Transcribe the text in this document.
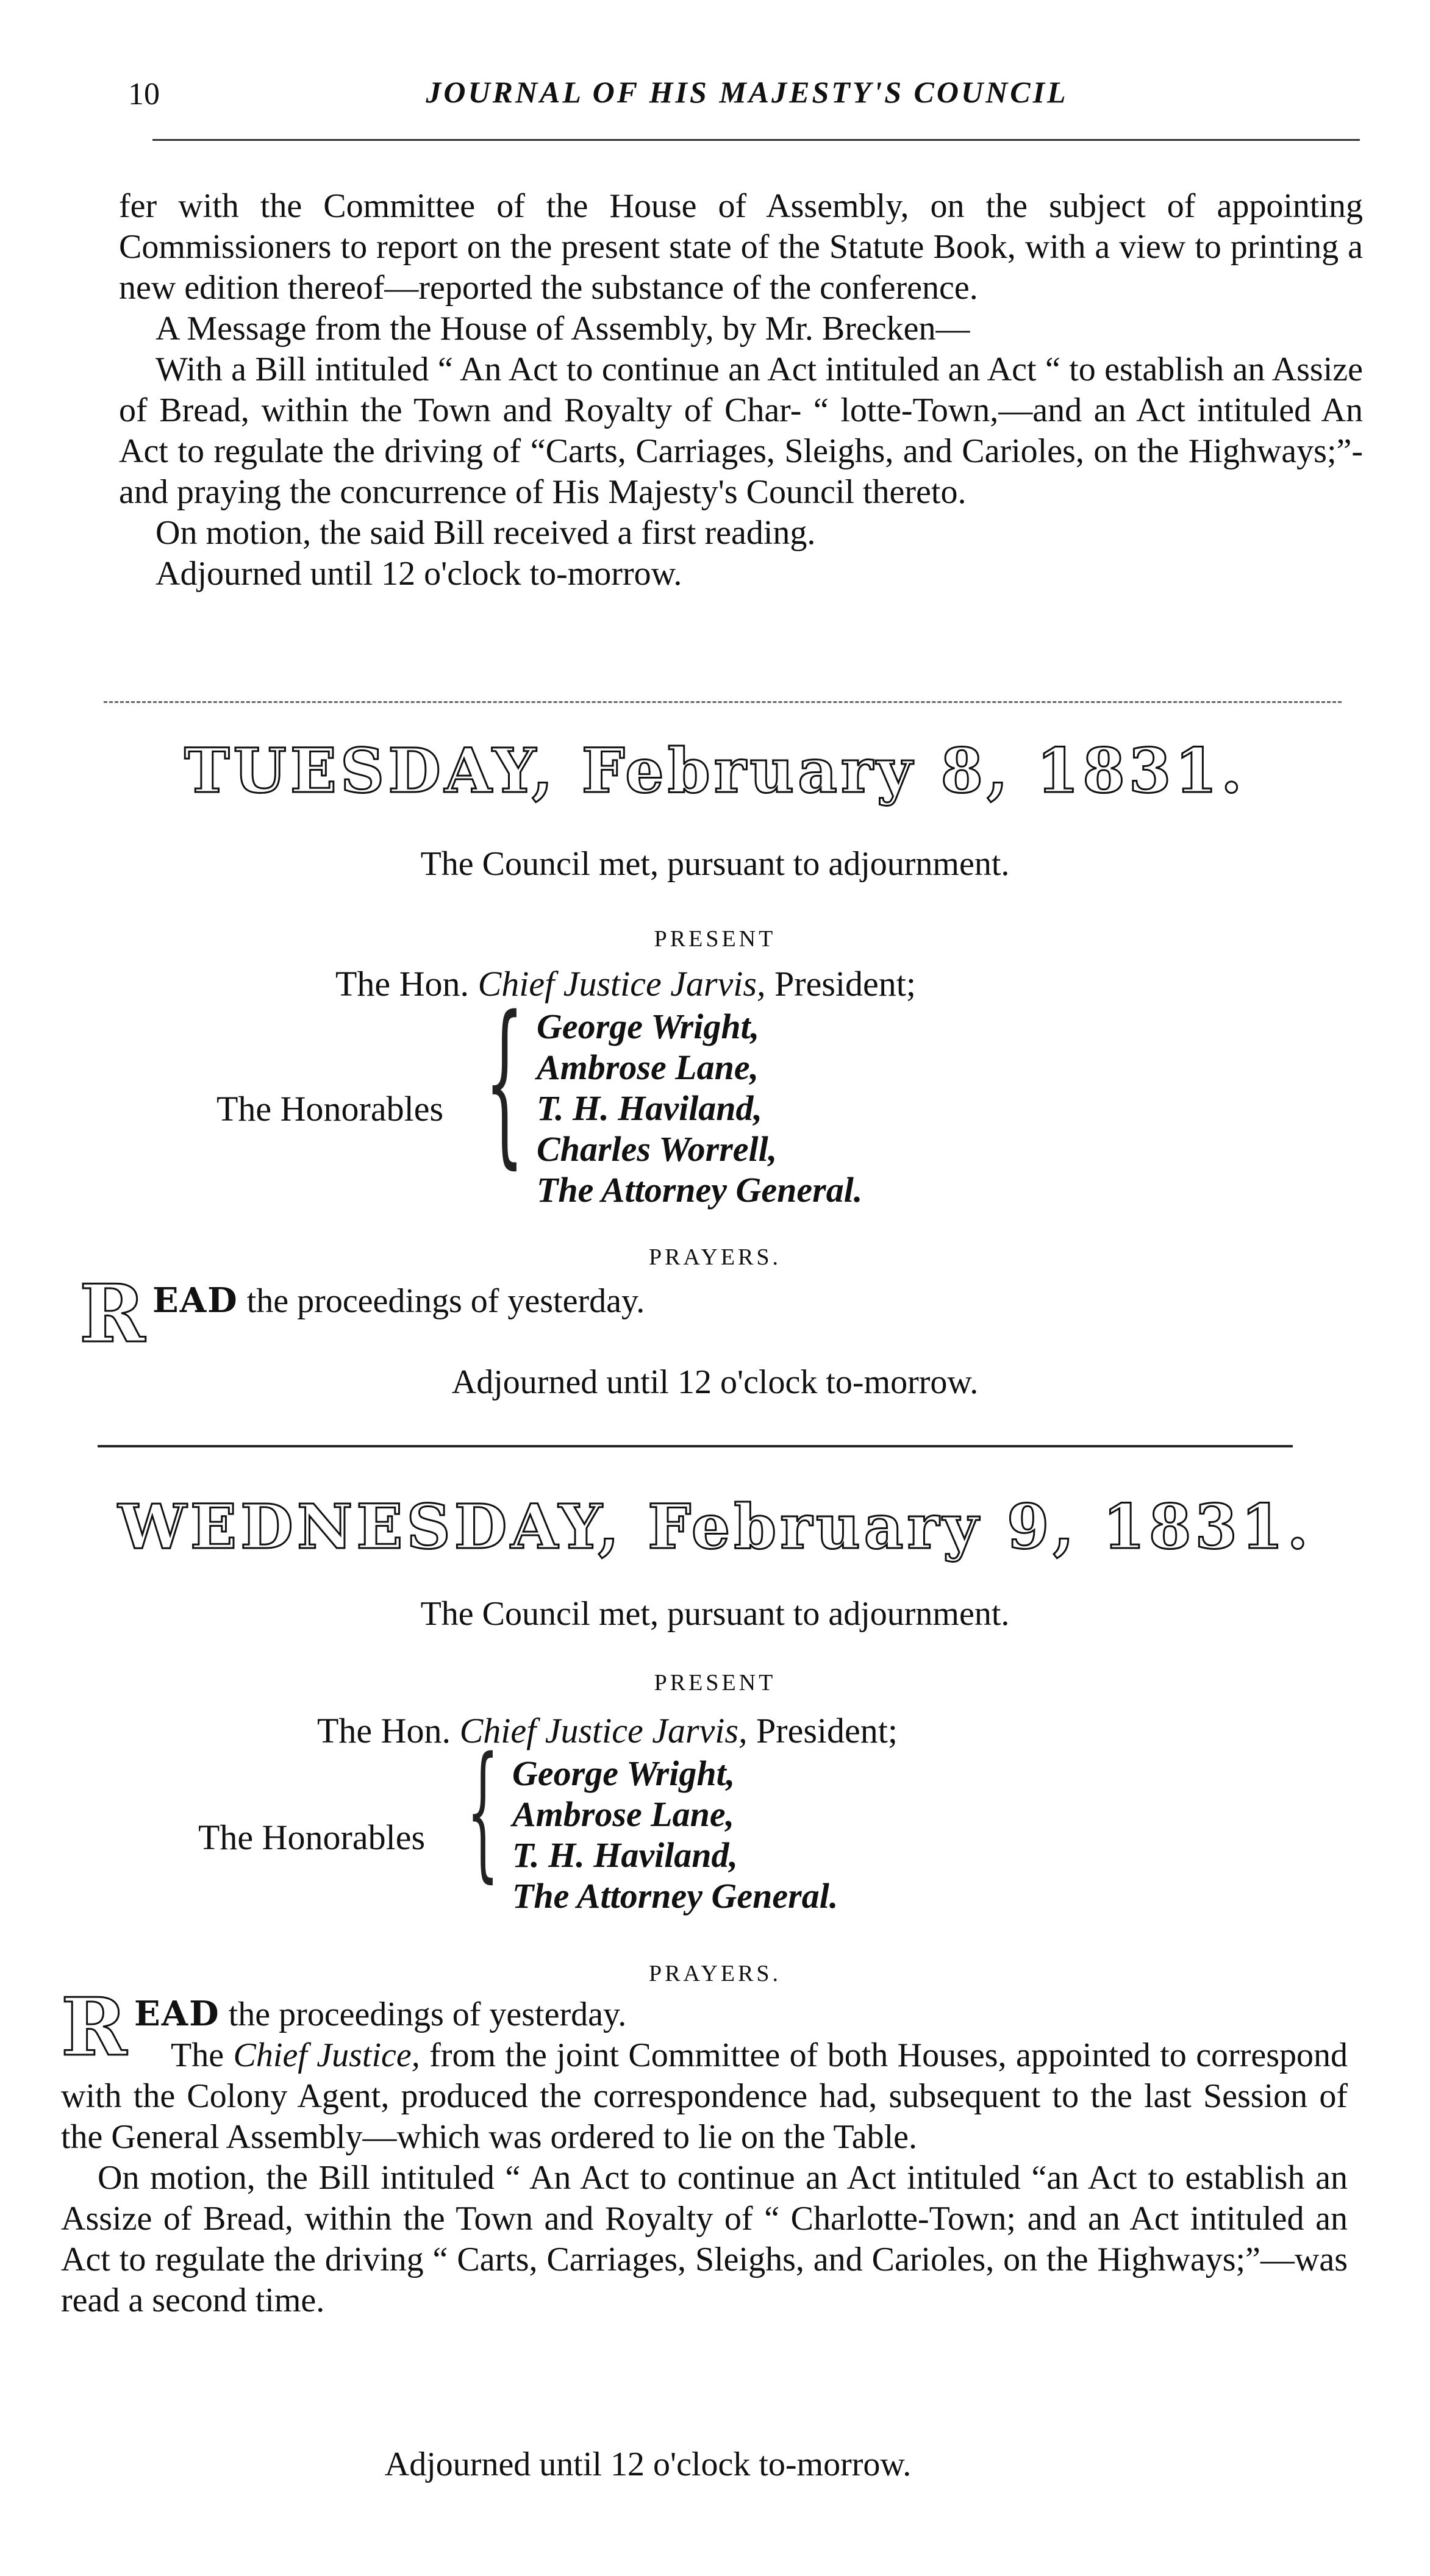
10	JOURNAL OF HIS MAJESTY'S COUNCIL

fer with the Committee of the House of Assembly, on the subject of appointing Commissioners to report on the present state of the Statute Book, with a view to printing a new edition thereof—reported the substance of the conference.

A Message from the House of Assembly, by Mr. Brecken—

With a Bill intituled “ An Act to continue an Act intituled an Act “ to establish an Assize of Bread, within the Town and Royalty of Char- “ lotte-Town,—and an Act intituled An Act to regulate the driving of “Carts, Carriages, Sleighs, and Carioles, on the Highways;”-and praying the concurrence of His Majesty's Council thereto.

On motion, the said Bill received a first reading.

Adjourned until 12 o'clock to-morrow.

TUESDAY, February 8, 1831.
The Council met, pursuant to adjournment.
PRESENT
The Hon. Chief Justice Jarvis, President;
The Honorables { George Wright,
Ambrose Lane,
T. H. Haviland,
Charles Worrell,
The Attorney General.
PRAYERS.
R EAD the proceedings of yesterday.
Adjourned until 12 o'clock to-morrow.
WEDNESDAY, February 9, 1831.
The Council met, pursuant to adjournment.
PRESENT
The Hon. Chief Justice Jarvis, President;
The Honorables { George Wright,
Ambrose Lane,
T. H. Haviland,
The Attorney General.
PRAYERS.

R EAD the proceedings of yesterday.

The Chief Justice, from the joint Committee of both Houses, appointed to correspond with the Colony Agent, produced the correspondence had, subsequent to the last Session of the General Assembly—which was ordered to lie on the Table.

On motion, the Bill intituled “ An Act to continue an Act intituled “an Act to establish an Assize of Bread, within the Town and Royalty of “ Charlotte-Town; and an Act intituled an Act to regulate the driving “ Carts, Carriages, Sleighs, and Carioles, on the Highways;”—was read a second time.

Adjourned until 12 o'clock to-morrow.
